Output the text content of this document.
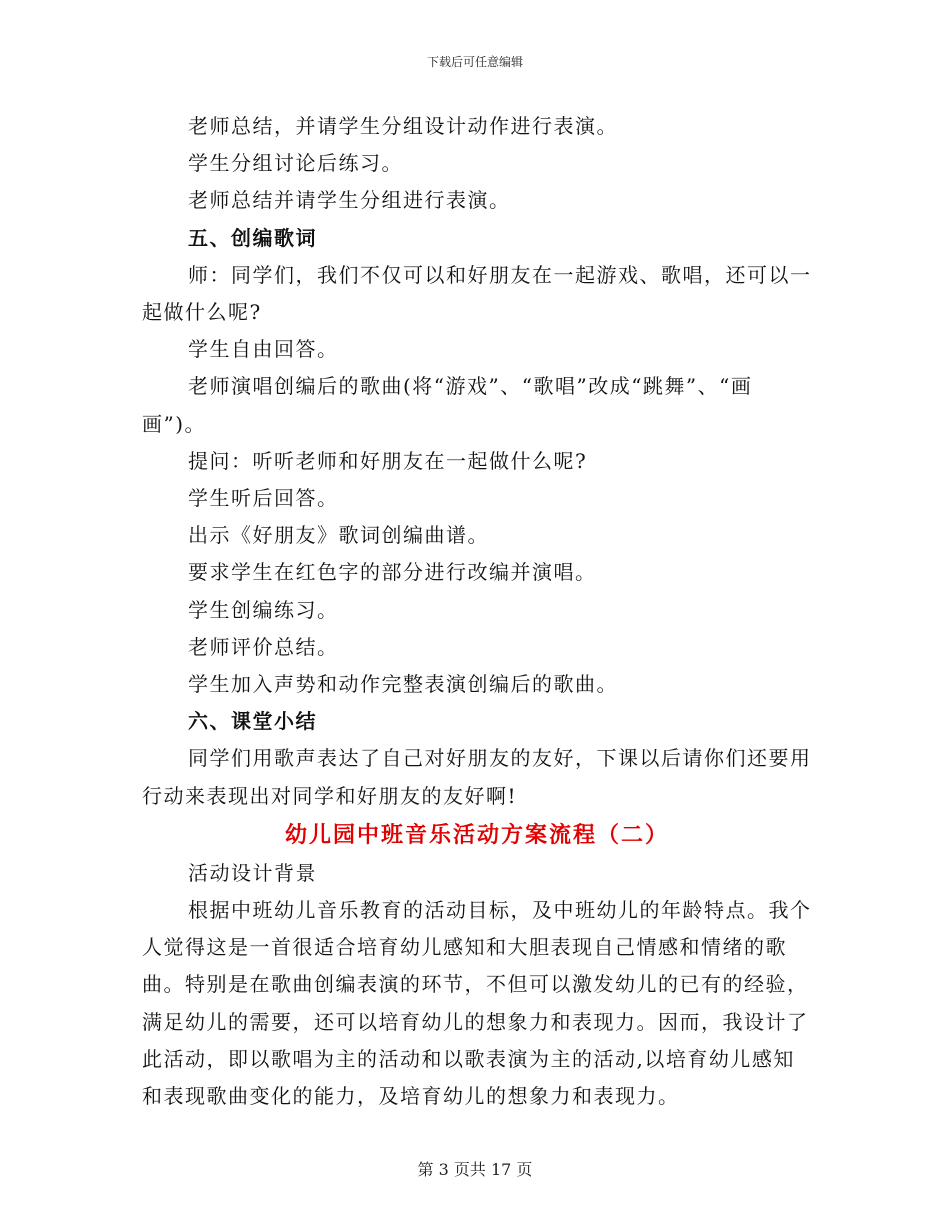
下载后可任意编辑

老师总结，并请学生分组设计动作进行表演。

学生分组讨论后练习。

老师总结并请学生分组进行表演。

五、创编歌词

师：同学们，我们不仅可以和好朋友在一起游戏、歌唱，还可以一起做什么呢?

学生自由回答。

老师演唱创编后的歌曲(将“游戏”、“歌唱”改成“跳舞”、“画画”)。

提问：听听老师和好朋友在一起做什么呢?

学生听后回答。

出示《好朋友》歌词创编曲谱。

要求学生在红色字的部分进行改编并演唱。

学生创编练习。

老师评价总结。

学生加入声势和动作完整表演创编后的歌曲。

六、课堂小结

同学们用歌声表达了自己对好朋友的友好，下课以后请你们还要用行动来表现出对同学和好朋友的友好啊!

幼儿园中班音乐活动方案流程（二）

活动设计背景

根据中班幼儿音乐教育的活动目标，及中班幼儿的年龄特点。我个人觉得这是一首很适合培育幼儿感知和大胆表现自己情感和情绪的歌曲。特别是在歌曲创编表演的环节，不但可以激发幼儿的已有的经验，满足幼儿的需要，还可以培育幼儿的想象力和表现力。因而，我设计了此活动，即以歌唱为主的活动和以歌表演为主的活动,以培育幼儿感知和表现歌曲变化的能力，及培育幼儿的想象力和表现力。

第 3 页共 17 页
